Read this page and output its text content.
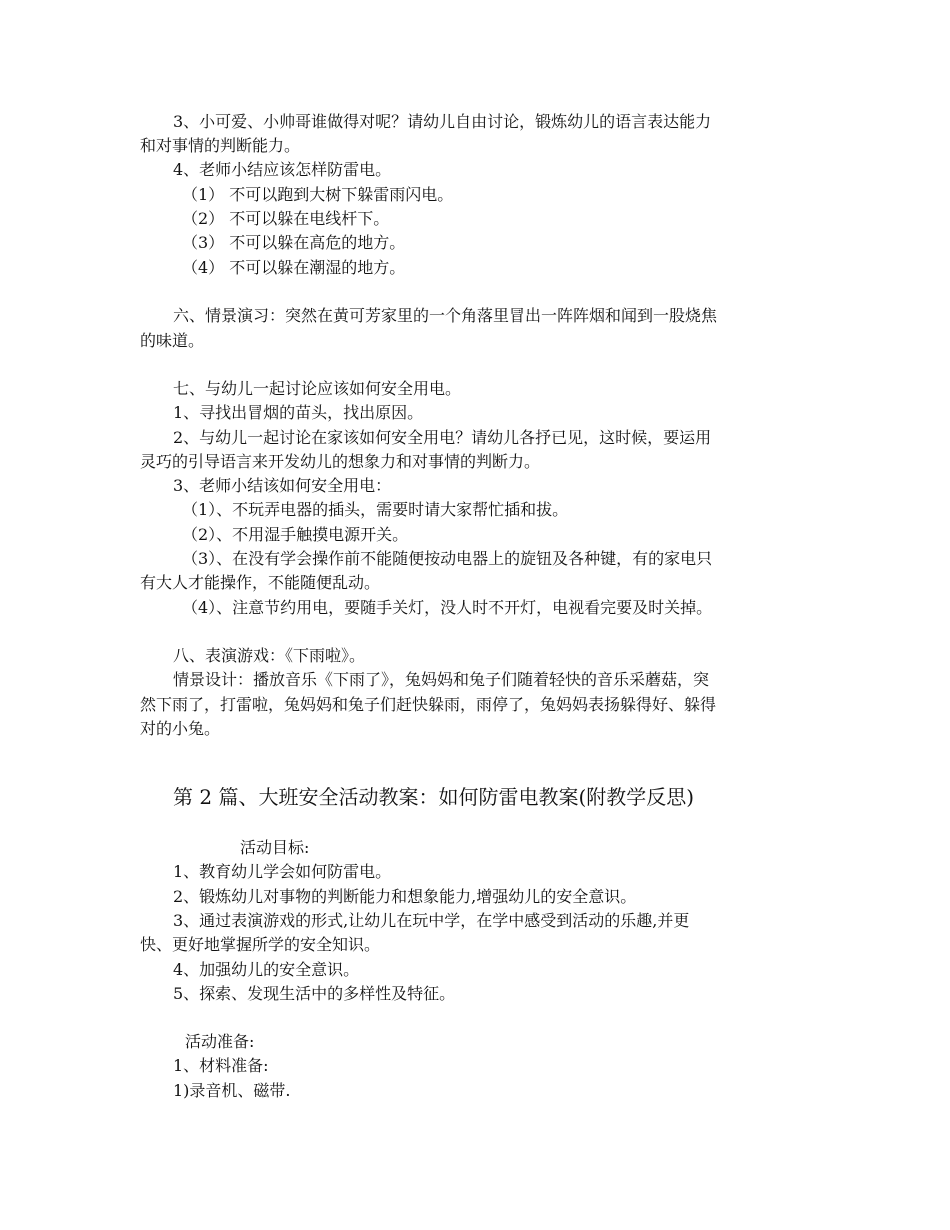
3、小可爱、小帅哥谁做得对呢？请幼儿自由讨论，锻炼幼儿的语言表达能力
和对事情的判断能力。
4、老师小结应该怎样防雷电。
（1） 不可以跑到大树下躲雷雨闪电。
（2） 不可以躲在电线杆下。
（3） 不可以躲在高危的地方。
（4） 不可以躲在潮湿的地方。
六、情景演习：突然在黄可芳家里的一个角落里冒出一阵阵烟和闻到一股烧焦
的味道。
七、与幼儿一起讨论应该如何安全用电。
1、寻找出冒烟的苗头，找出原因。
2、与幼儿一起讨论在家该如何安全用电？请幼儿各抒已见，这时候，要运用
灵巧的引导语言来开发幼儿的想象力和对事情的判断力。
3、老师小结该如何安全用电：
（1）、不玩弄电器的插头，需要时请大家帮忙插和拔。
（2）、不用湿手触摸电源开关。
（3）、在没有学会操作前不能随便按动电器上的旋钮及各种键，有的家电只
有大人才能操作，不能随便乱动。
（4）、注意节约用电，要随手关灯，没人时不开灯，电视看完要及时关掉。
八、表演游戏：《下雨啦》。
情景设计：播放音乐《下雨了》，兔妈妈和兔子们随着轻快的音乐采蘑菇，突
然下雨了，打雷啦，兔妈妈和兔子们赶快躲雨，雨停了，兔妈妈表扬躲得好、躲得
对的小兔。
第 2 篇、大班安全活动教案：如何防雷电教案(附教学反思)
活动目标:
1、教育幼儿学会如何防雷电。
2、锻炼幼儿对事物的判断能力和想象能力,增强幼儿的安全意识。
3、通过表演游戏的形式,让幼儿在玩中学，在学中感受到活动的乐趣,并更
快、更好地掌握所学的安全知识。
4、加强幼儿的安全意识。
5、探索、发现生活中的多样性及特征。
活动准备:
1、材料准备:
1)录音机、磁带.
